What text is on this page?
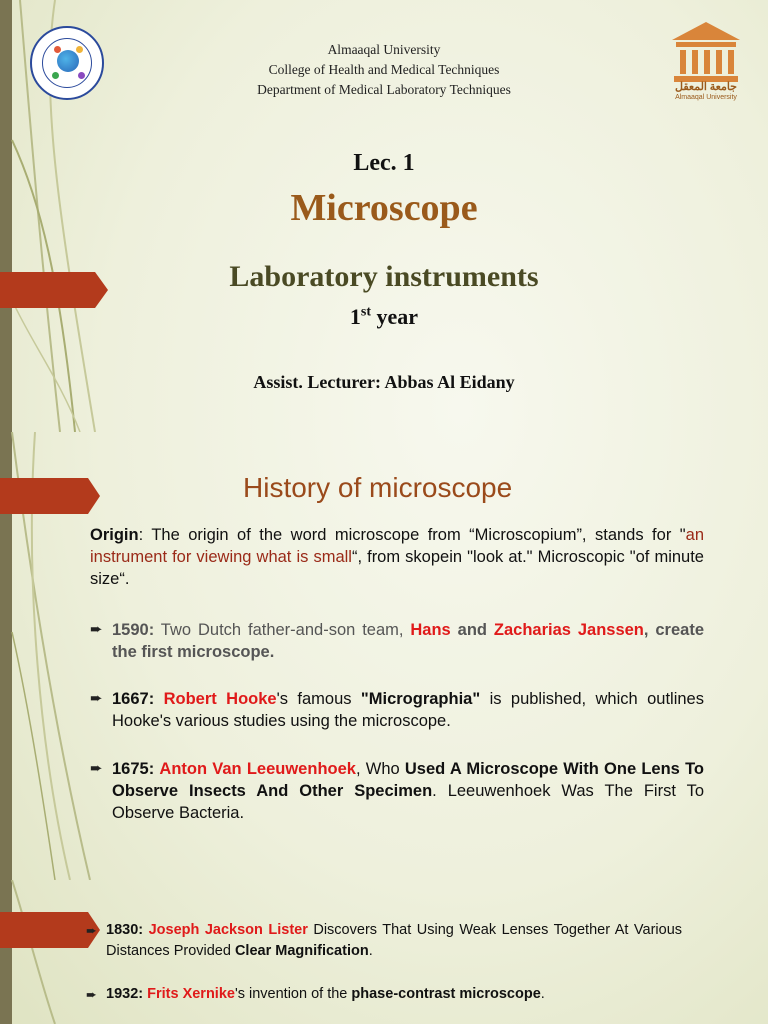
Almaaqal University
College of Health and Medical Techniques
Department of Medical Laboratory Techniques	جامعة المعقل
Almaaqal University
Lec. 1
Microscope
Laboratory instruments
1st year
Assist. Lecturer: Abbas Al Eidany
History of microscope
Origin: The origin of the word microscope from “Microscopium”, stands for "an instrument for viewing what is small“, from skopein "look at." Microscopic "of minute size“.
➨ 1590: Two Dutch father-and-son team, Hans and Zacharias Janssen, create the first microscope.
➨ 1667: Robert Hooke's famous "Micrographia" is published, which outlines Hooke's various studies using the microscope.
➨ 1675: Anton Van Leeuwenhoek, Who Used A Microscope With One Lens To Observe Insects And Other Specimen. Leeuwenhoek Was The First To Observe Bacteria.
➨ 1830: Joseph Jackson Lister Discovers That Using Weak Lenses Together At Various Distances Provided Clear Magnification.
➨ 1932: Frits Xernike's invention of the phase-contrast microscope.
